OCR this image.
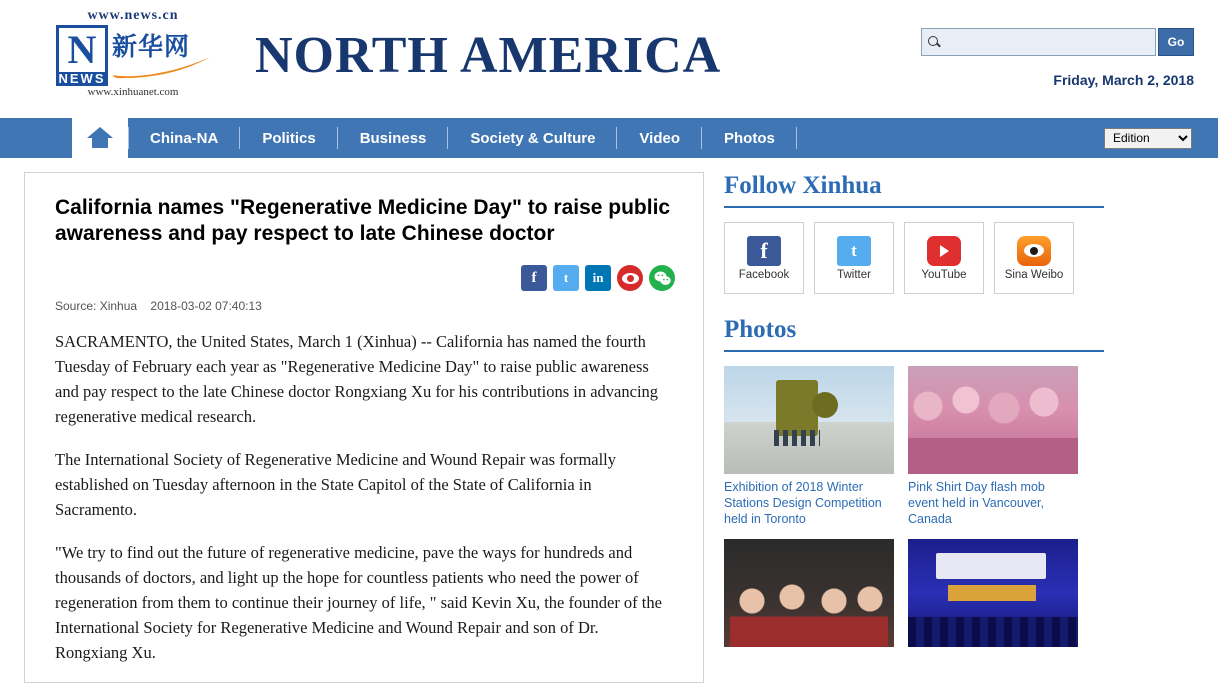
www.news.cn
N
NEWS
新华网
www.xinhuanet.com
NORTH AMERICA	Go
Friday, March 2, 2018
China-NA	Politics	Business	Society & Culture	Video	Photos
Edition
California names "Regenerative Medicine Day" to raise public awareness and pay respect to late Chinese doctor
f	t	in
Source: Xinhua 2018-03-02 07:40:13

SACRAMENTO, the United States, March 1 (Xinhua) -- California has named the fourth Tuesday of February each year as "Regenerative Medicine Day" to raise public awareness and pay respect to the late Chinese doctor Rongxiang Xu for his contributions in advancing regenerative medical research.

The International Society of Regenerative Medicine and Wound Repair was formally established on Tuesday afternoon in the State Capitol of the State of California in Sacramento.

"We try to find out the future of regenerative medicine, pave the ways for hundreds and thousands of doctors, and light up the hope for countless patients who need the power of regeneration from them to continue their journey of life, " said Kevin Xu, the founder of the International Society for Regenerative Medicine and Wound Repair and son of Dr. Rongxiang Xu.

Follow Xinhua
f
Facebook
t
Twitter	YouTube	Sina Weibo
Photos
Exhibition of 2018 Winter Stations Design Competition held in Toronto
Pink Shirt Day flash mob event held in Vancouver, Canada
